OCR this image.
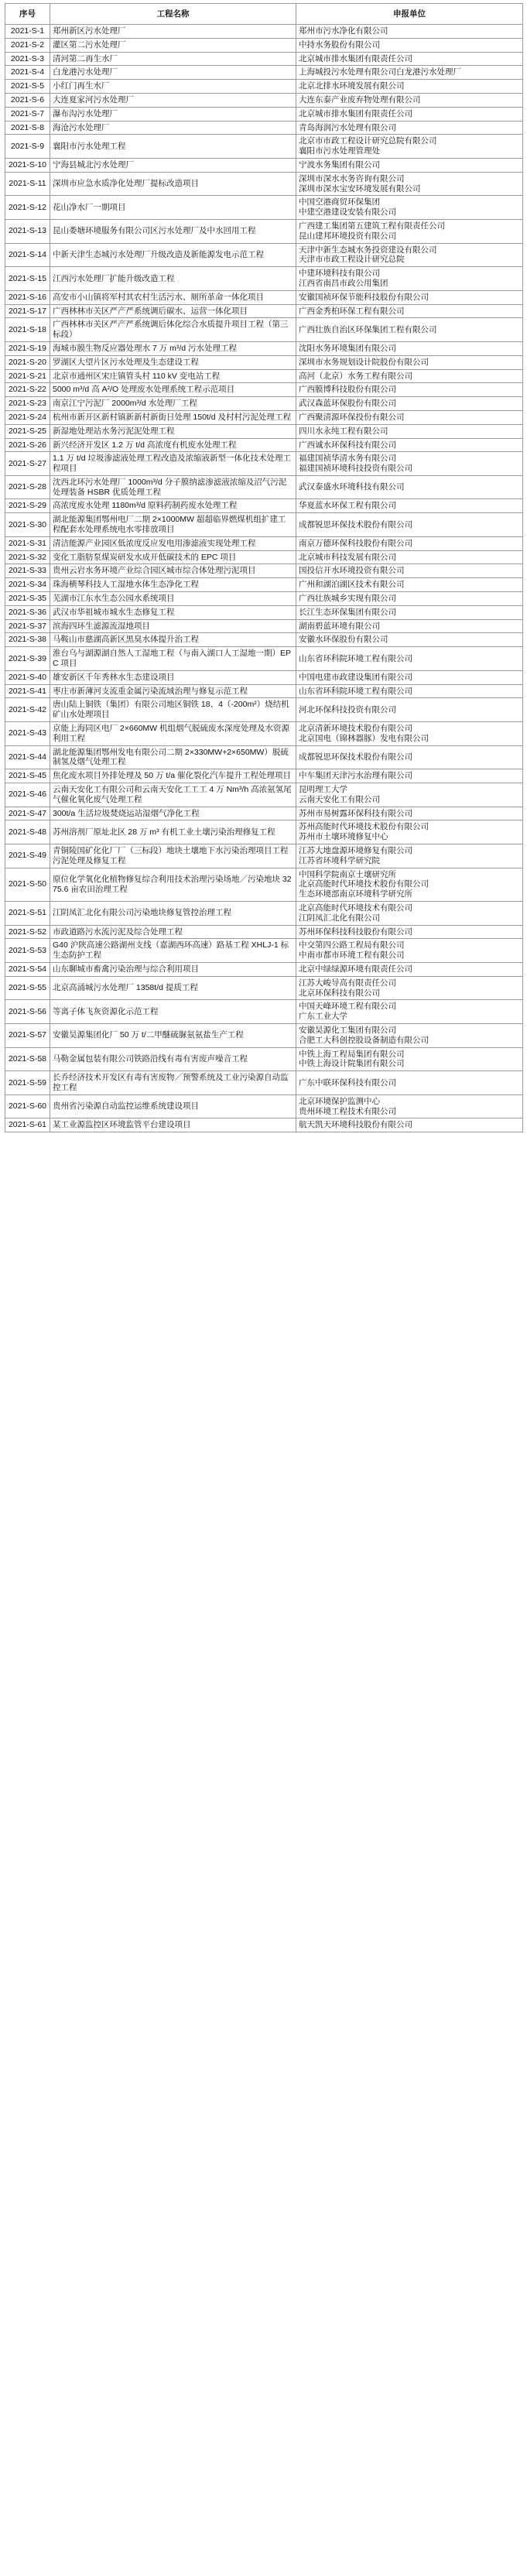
序号	工程名称	申报单位
2021-S-1	郑州新区污水处理厂	郑州市污水净化有限公司
2021-S-2	灌区第二污水处理厂	中持水务股份有限公司
2021-S-3	清河第二再生水厂	北京城市排水集团有限责任公司
2021-S-4	白龙港污水处理厂	上海城投污水处理有限公司白龙港污水处理厂
2021-S-5	小红门再生水厂	北京北排水环境发展有限公司
2021-S-6	大连夏家河污水处理厂	大连东泰产业废弃物处理有限公司
2021-S-7	瀑布沟污水处理厂	北京城市排水集团有限责任公司
2021-S-8	海沧污水处理厂	青岛海润污水处理有限公司
2021-S-9	襄阳市污水处理工程	北京市市政工程设计研究总院有限公司
襄阳市污水处理管理处
2021-S-10	宁海县城北污水处理厂	宁波水务集团有限公司
2021-S-11	深圳市应急水质净化处理厂提标改造项目	深圳市深水水务咨询有限公司
深圳市深水宝安环境发展有限公司
2021-S-12	花山净水厂一期项目	中国空港商贸环保集团
中建空港建设安装有限公司
2021-S-13	昆山娄塘环境服务有限公司区污水处理厂及中水回用工程	广西建工集团第五建筑工程有限责任公司
昆山建邦环境投资有限公司
2021-S-14	中新天津生态城污水处理厂升级改造及新能源发电示范工程	天津中新生态城水务投资建设有限公司
天津市市政工程设计研究总院
2021-S-15	江西污水处理厂扩能升级改造工程	中建环境科技有限公司
江西省南昌市政公用集团
2021-S-16	高安市小山镇将军村其农村生活污水、厕所革命一体化项目	安徽国祯环保节能科技股份有限公司
2021-S-17	广西林林市关区严产严系统调后碳水、运营一体化项目	广西金秀柏环保工程有限公司
2021-S-18	广西林林市关区严产严系统调后体化综合水质提升项目工程（第三标段）	广西壮族自治区环保集团工程有限公司
2021-S-19	海城市膜生物反应器处理水 7 万 m³/d 污水处理工程	沈阳水务环境集团有限公司
2021-S-20	罗湖区大望片区污水处理及生态建设工程	深圳市水务规划设计院股份有限公司
2021-S-21	北京市通州区宋庄镇管头村 110 kV 变电站工程	高河（北京）水务工程有限公司
2021-S-22	5000 m³/d 高 A²/O 处理废水处理系统工程示范项目	广西膜博科技股份有限公司
2021-S-23	南京江宁污泥厂 2000m³/d 水处理厂工程	武汉森蓝环保股份有限公司
2021-S-24	杭州市新开区新村镇新新村新街日处理 150t/d 及村村污泥处理工程	广西聚清源环保投份有限公司
2021-S-25	新湿地处理站水务污泥泥处理工程	四川水永纯工程有限公司
2021-S-26	新兴经济开发区 1.2 万 t/d 高浓度有机废水处理工程	广西诚水环保科技有限公司
2021-S-27	1.1 万 t/d 垃圾渗滤液处理工程改造及浓缩液新型一体化技术处理工程项目	福建国祯华清水务有限公司
福建国祯环境科技投资有限公司
2021-S-28	沈西北环污水处理厂 1000m³/d 分子膜纳滤渗滤液浓缩及沼气污泥处理装备 HSBR 优质处理工程	武汉泰盛水环境科技有限公司
2021-S-29	高浓度废水处理 1180m³/d 原料药制药废水处理工程	华夏蓝水环保工程有限公司
2021-S-30	湖北能源集团鄂州电厂二期 2×1000MW 超超临界燃煤机组扩建工程配套水处理系统电水零排放项目	成都锐思环保技术股份有限公司
2021-S-31	清洁能源产业园区低浓度反应发电用渗滤液实现处理工程	南京万德环保科技股份有限公司
2021-S-32	变化工脂肪泵煤炭研发水成开低碳技术的 EPC 项目	北京城市科技发展有限公司
2021-S-33	贵州云岩水务环境产业综合园区城市综合体处理污泥项目	国投信开水环境投资有限公司
2021-S-34	珠海横琴科技人工湿地水体生态净化工程	广州和湖泊湖区技术有限公司
2021-S-35	芜湖市江东水生态公园水系统项目	广西壮族城乡实现有限公司
2021-S-36	武汉市华祖城市城水生态修复工程	长江生态环保集团有限公司
2021-S-37	滨海四环生滤源流湿地项目	湖南碧蓝环境有限公司
2021-S-38	马鞍山市慈湖高新区黑臭水体提升治工程	安徽水环保股份有限公司
2021-S-39	淮台乌与湖源湖自然人工湿地工程（与南入湖口人工湿地一期）EPC 项目	山东省环科院环境工程有限公司
2021-S-40	雄安新区千年秀林水生态建设项目	中国电建市政建设集团有限公司
2021-S-41	枣庄市新薄河支流重金属污染流域治理与修复示范工程	山东省环科院环境工程有限公司
2021-S-42	唐山陆上铜铁（集团）有限公司地区铜铁 18、4（-200m²）烧结机矿山水处理项目	河北环保科技投资有限公司
2021-S-43	京能上海同区电厂 2×660MW 机组烟气脱硫废水深度处理及水资源利用工程	北京清新环境技术股份有限公司
北京国电（锦林器豚）发电有限公司
2021-S-44	湖北能源集团鄂州发电有限公司二期 2×330MW+2×650MW）脱硫制氢及烟气处理工程	成都锐思环保技术股份有限公司
2021-S-45	焦化废水项目外排处理及 50 万 t/a 催化裂化汽车提升工程处理项目	中车集团天津污水治理有限公司
2021-S-46	云南天安化工有限公司和云南天安化工工工 4 万 Nm³/h 高浓氨氢尾气催化氧化废气处理工程	昆明理工大学
云南天安化工有限公司
2021-S-47	300t/a 生活垃圾焚烧运站湿烟气净化工程	苏州市易树露环保科技有限公司
2021-S-48	苏州溶剂厂原址北区 28 万 m³ 有机工业土壤污染治理修复工程	苏州高能时代环境技术股份有限公司
苏州市土壤环境修复中心
2021-S-49	青铜陵国矿化化厂厂（三标段）地块土壤地下水污染治理项目工程污泥处理及修复工程	江苏大地盘源环境修复有限公司
江苏省环境科学研究院
2021-S-50	原位化学氧化化植物修复综合利用技术治理污染场地／污染地块 3275.6 亩农田治理工程	中国科学院南京土壤研究所
北京高能时代环境技术股份有限公司
生态环境部南京环境科学研究所
2021-S-51	江阴凤汇北化有限公司污染地块修复管控治理工程	北京高能时代环境技术有限公司
江阴凤汇北化有限公司
2021-S-52	市政道路污水流污泥及综合处理工程	苏州环保科技科技股份有限公司
2021-S-53	G40 沪陕高速公路湖州支线（嘉湖西环高速）路基工程 XHLJ-1 标生态防护工程	中交第四公路工程局有限公司
中南市都市环境工程有限公司
2021-S-54	山东聊城市畜禽污染治理与综合利用项目	北京中绿绿源环境有限责任公司
2021-S-55	北京高涌城污水处理厂 1358t/d 提质工程	江苏大峻导高有限责任公司
北京环保科技有限公司
2021-S-56	等离子体飞灰资源化示范工程	中国天峰环境工程有限公司
广东工业大学
2021-S-57	安徽昊源集团化厂 50 万 t/二甲醚硫脲氨氨盐生产工程	安徽昊源化工集团有限公司
合肥工大科创控股设备制造有限公司
2021-S-58	马勒金属包装有限公司铁路沿线有毒有害废声噪音工程	中铁上海工程局集团有限公司
中铁上海设计院集团有限公司
2021-S-59	长乔经济技术开发区有毒有害废物／预警系统及工业污染源自动监控工程	广东中联环保科技有限公司
2021-S-60	贵州省污染源自动监控运维系统建设项目	北京环境保护监测中心
贵州环境工程技术有限公司
2021-S-61	某工业源监控区环境监管平台建设项目	航天凯天环境科技股份有限公司
